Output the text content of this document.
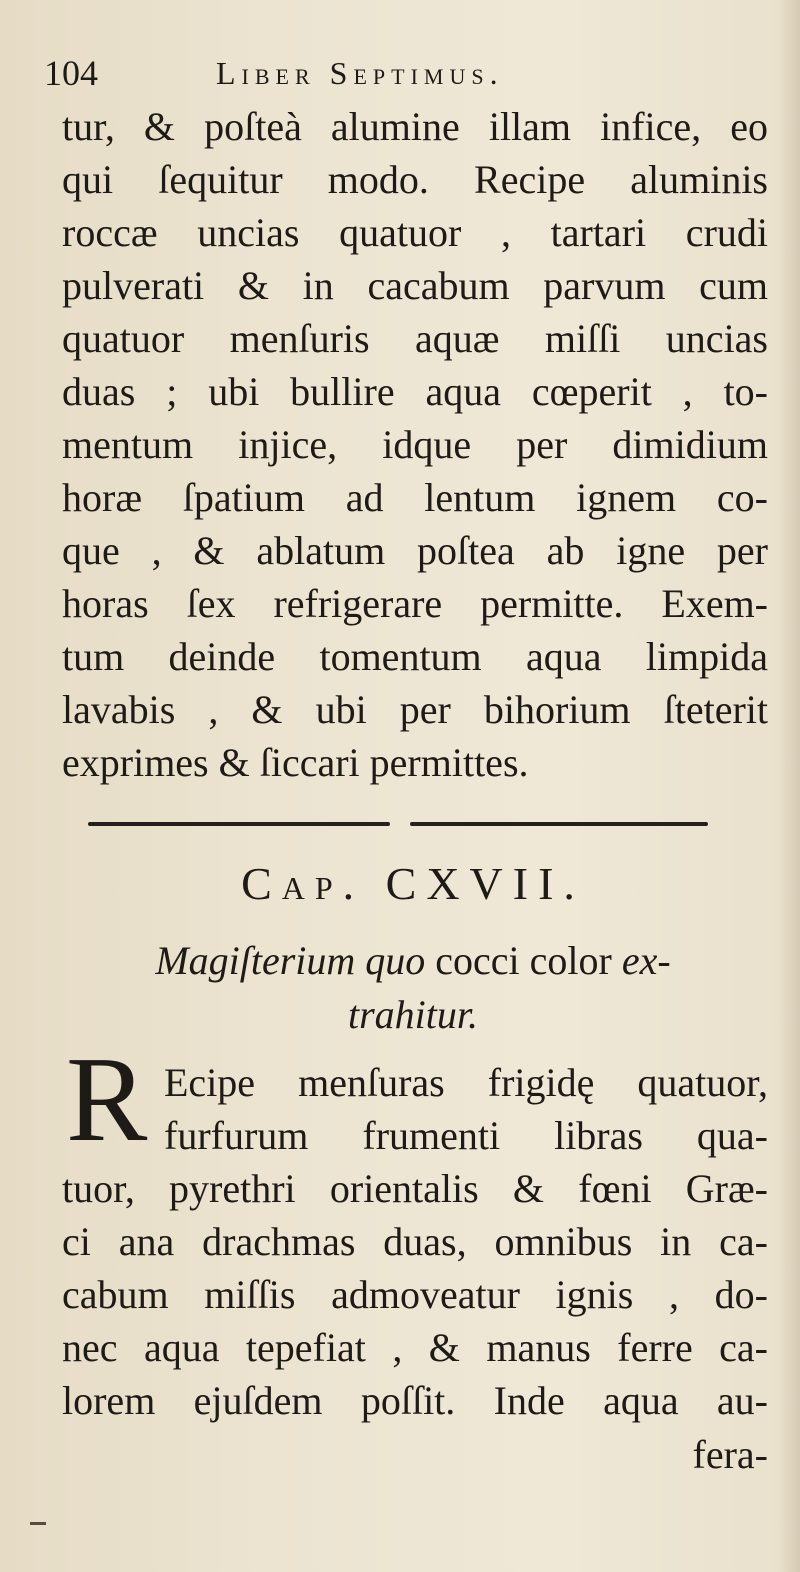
104	Liber Septimus.
tur, & poſteà alumine illam infice, eo
qui ſequitur modo. Recipe aluminis
roccæ uncias quatuor , tartari crudi
pulverati & in cacabum parvum cum
quatuor menſuris aquæ miſſi uncias
duas ; ubi bullire aqua cœperit , to-
mentum injice, idque per dimidium
horæ ſpatium ad lentum ignem co-
que , & ablatum poſtea ab igne per
horas ſex refrigerare permitte. Exem-
tum deinde tomentum aqua limpida
lavabis , & ubi per bihorium ſteterit
exprimes & ſiccari permittes.
Cap. CXVII.
Magiſterium quo cocci color ex-
trahitur.
R Ecipe menſuras frigidę quatuor,
furfurum frumenti libras qua-
tuor, pyrethri orientalis & fœni Græ-
ci ana drachmas duas, omnibus in ca-
cabum miſſis admoveatur ignis , do-
nec aqua tepefiat , & manus ferre ca-
lorem ejuſdem poſſit. Inde aqua au-
fera-
